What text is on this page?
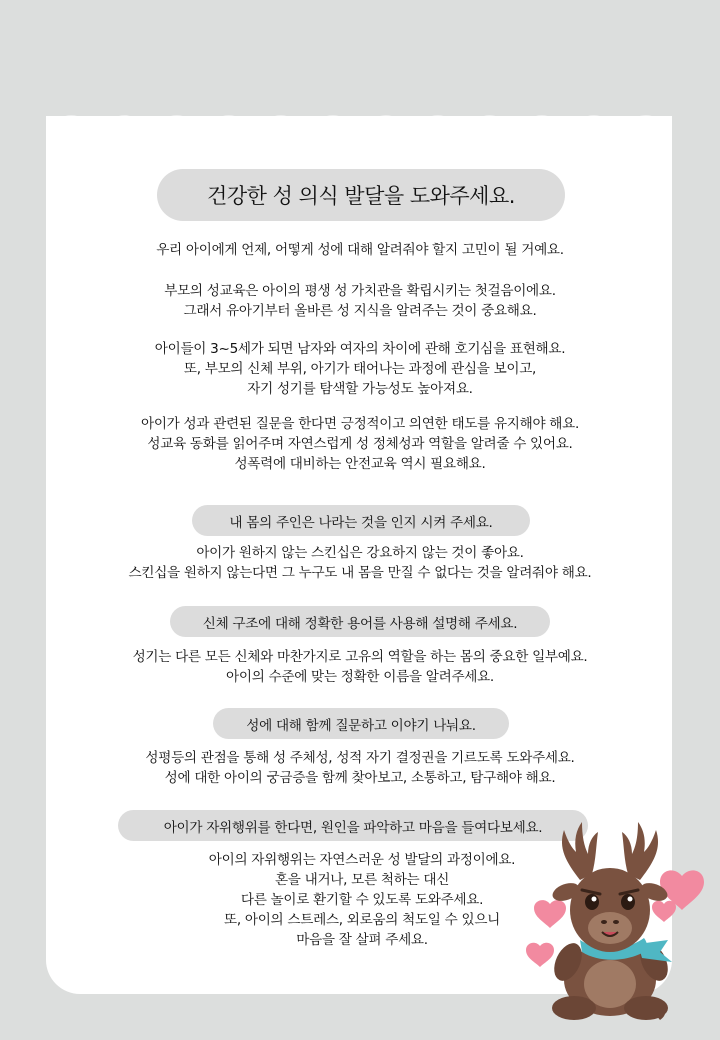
건강한 성 의식 발달을 도와주세요.
우리 아이에게 언제, 어떻게 성에 대해 알려줘야 할지 고민이 될 거예요.
부모의 성교육은 아이의 평생 성 가치관을 확립시키는 첫걸음이에요.
그래서 유아기부터 올바른 성 지식을 알려주는 것이 중요해요.
아이들이 3~5세가 되면 남자와 여자의 차이에 관해 호기심을 표현해요.
또, 부모의 신체 부위, 아기가 태어나는 과정에 관심을 보이고,
자기 성기를 탐색할 가능성도 높아져요.
아이가 성과 관련된 질문을 한다면 긍정적이고 의연한 태도를 유지해야 해요.
성교육 동화를 읽어주며 자연스럽게 성 정체성과 역할을 알려줄 수 있어요.
성폭력에 대비하는 안전교육 역시 필요해요.
내 몸의 주인은 나라는 것을 인지 시켜 주세요.
아이가 원하지 않는 스킨십은 강요하지 않는 것이 좋아요.
스킨십을 원하지 않는다면 그 누구도 내 몸을 만질 수 없다는 것을 알려줘야 해요.
신체 구조에 대해 정확한 용어를 사용해 설명해 주세요.
성기는 다른 모든 신체와 마찬가지로 고유의 역할을 하는 몸의 중요한 일부예요.
아이의 수준에 맞는 정확한 이름을 알려주세요.
성에 대해 함께 질문하고 이야기 나눠요.
성평등의 관점을 통해 성 주체성, 성적 자기 결정권을 기르도록 도와주세요.
성에 대한 아이의 궁금증을 함께 찾아보고, 소통하고, 탐구해야 해요.
아이가 자위행위를 한다면, 원인을 파악하고 마음을 들여다보세요.
아이의 자위행위는 자연스러운 성 발달의 과정이에요.
혼을 내거나, 모른 척하는 대신
다른 놀이로 환기할 수 있도록 도와주세요.
또, 아이의 스트레스, 외로움의 척도일 수 있으니
마음을 잘 살펴 주세요.
